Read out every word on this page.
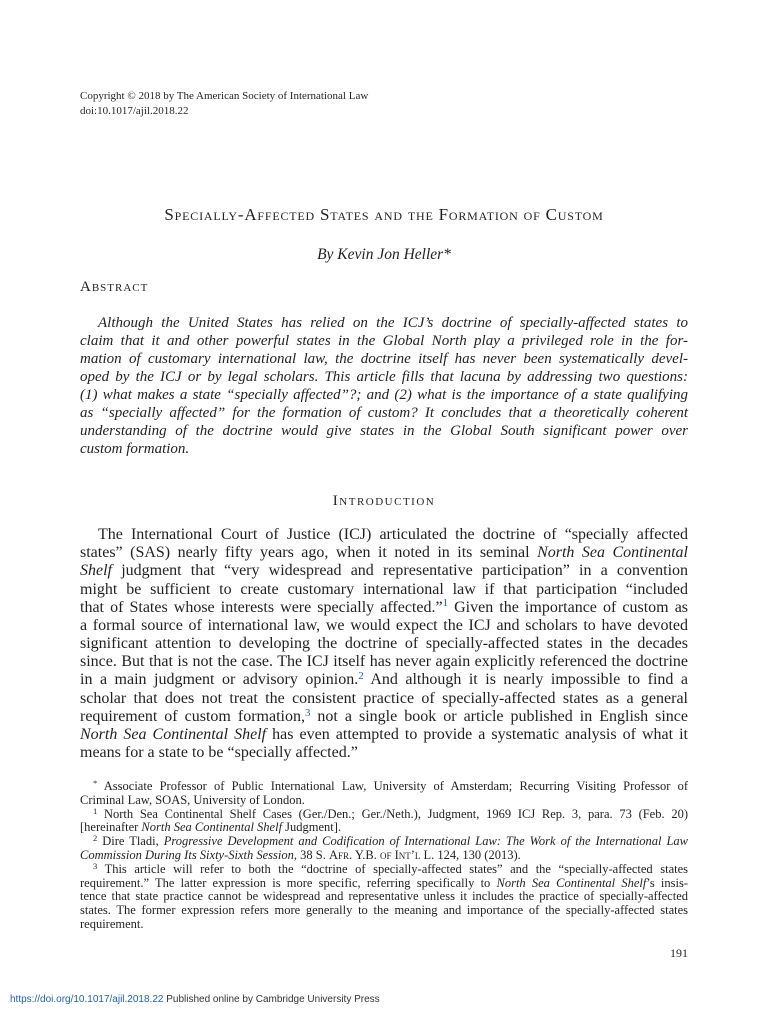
Copyright © 2018 by The American Society of International Law
doi:10.1017/ajil.2018.22
Specially-Affected States and the Formation of Custom
By Kevin Jon Heller*
Abstract
Although the United States has relied on the ICJ’s doctrine of specially-affected states to
claim that it and other powerful states in the Global North play a privileged role in the for-
mation of customary international law, the doctrine itself has never been systematically devel-
oped by the ICJ or by legal scholars. This article fills that lacuna by addressing two questions:
(1) what makes a state “specially affected”?; and (2) what is the importance of a state qualifying
as “specially affected” for the formation of custom? It concludes that a theoretically coherent
understanding of the doctrine would give states in the Global South significant power over
custom formation.
Introduction
The International Court of Justice (ICJ) articulated the doctrine of “specially affected
states” (SAS) nearly fifty years ago, when it noted in its seminal North Sea Continental
Shelf judgment that “very widespread and representative participation” in a convention
might be sufficient to create customary international law if that participation “included
that of States whose interests were specially affected.”$^1$ Given the importance of custom as
a formal source of international law, we would expect the ICJ and scholars to have devoted
significant attention to developing the doctrine of specially-affected states in the decades
since. But that is not the case. The ICJ itself has never again explicitly referenced the doctrine
in a main judgment or advisory opinion.$^2$ And although it is nearly impossible to find a
scholar that does not treat the consistent practice of specially-affected states as a general
requirement of custom formation,$^3$ not a single book or article published in English since
North Sea Continental Shelf has even attempted to provide a systematic analysis of what it
means for a state to be “specially affected.”
* Associate Professor of Public International Law, University of Amsterdam; Recurring Visiting Professor of
Criminal Law, SOAS, University of London.
$^1$ North Sea Continental Shelf Cases (Ger./Den.; Ger./Neth.), Judgment, 1969 ICJ Rep. 3, para. 73 (Feb. 20)
[hereinafter North Sea Continental Shelf Judgment].
$^2$ Dire Tladi, Progressive Development and Codification of International Law: The Work of the International Law
Commission During Its Sixty-Sixth Session, 38 S. Afr. Y.B. of Int’l L. 124, 130 (2013).
$^3$ This article will refer to both the “doctrine of specially-affected states” and the “specially-affected states
requirement.” The latter expression is more specific, referring specifically to North Sea Continental Shelf’s insis-
tence that state practice cannot be widespread and representative unless it includes the practice of specially-affected
states. The former expression refers more generally to the meaning and importance of the specially-affected states
requirement.
191
https://doi.org/10.1017/ajil.2018.22 Published online by Cambridge University Press
